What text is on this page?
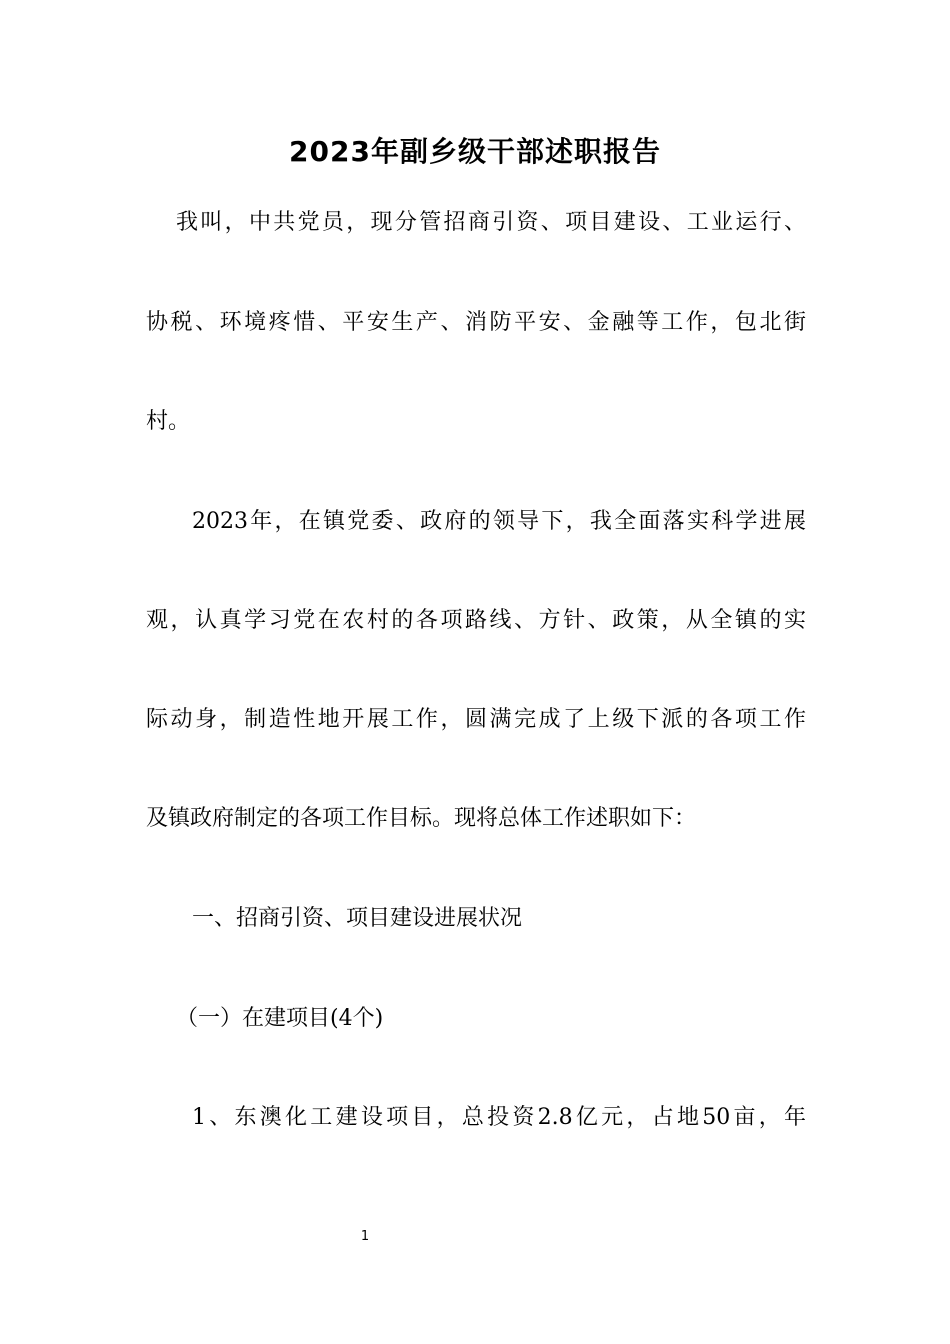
2023年副乡级干部述职报告

我叫，中共党员，现分管招商引资、项目建设、工业运行、

协税、环境疼惜、平安生产、消防平安、金融等工作，包北街

村。

2023年，在镇党委、政府的领导下，我全面落实科学进展

观，认真学习党在农村的各项路线、方针、政策，从全镇的实

际动身，制造性地开展工作，圆满完成了上级下派的各项工作

及镇政府制定的各项工作目标。现将总体工作述职如下：

一、招商引资、项目建设进展状况

（一）在建项目(4个)

1、东澳化工建设项目，总投资2.8亿元，占地50亩，年

1
